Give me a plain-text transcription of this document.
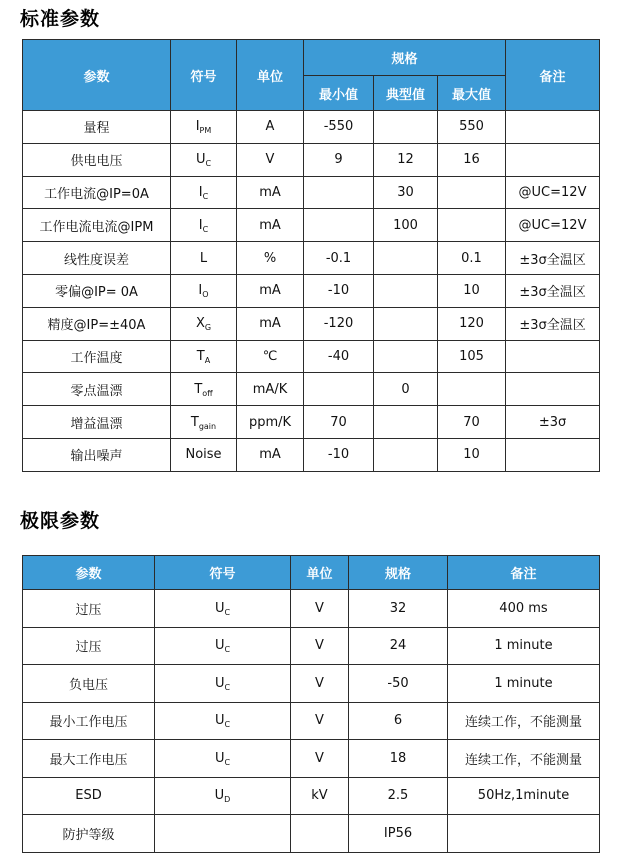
标准参数
参数	符号	单位	规格			备注
			最小值	典型值	最大值	
量程	$I_{PM}$	A	-550		550	
供电电压	$U_C$	V	9	12	16	
工作电流@IP=0A	$I_C$	mA		30		@UC=12V
工作电流电流@IPM	$I_C$	mA		100		@UC=12V
线性度误差	L	%	-0.1		0.1	±3σ全温区
零偏@IP= 0A	$I_O$	mA	-10		10	±3σ全温区
精度@IP=±40A	$X_G$	mA	-120		120	±3σ全温区
工作温度	$T_A$	℃	-40		105	
零点温漂	$T_{off}$	mA/K		0		
增益温漂	$T_{gain}$	ppm/K	70		70	±3σ
输出噪声	Noise	mA	-10		10	
极限参数
参数	符号	单位	规格	备注
过压	$U_C$	V	32	400 ms
过压	$U_C$	V	24	1 minute
负电压	$U_C$	V	-50	1 minute
最小工作电压	$U_C$	V	6	连续工作，不能测量
最大工作电压	$U_C$	V	18	连续工作，不能测量
ESD	$U_D$	kV	2.5	50Hz,1minute
防护等级			IP56	
